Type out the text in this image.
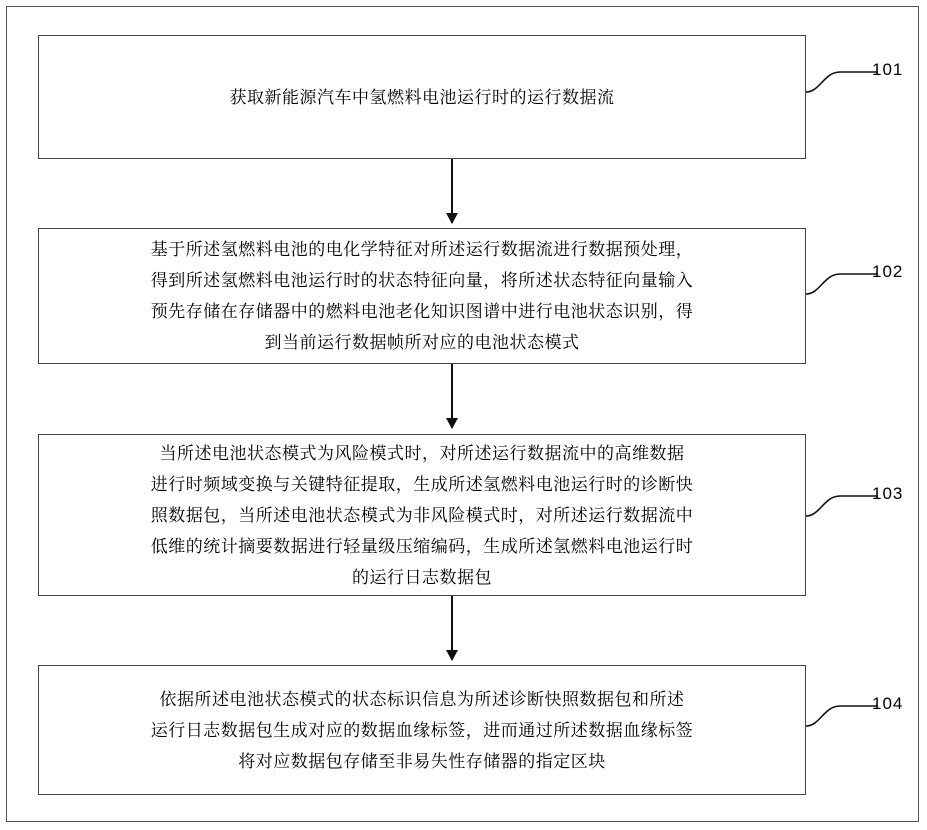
获取新能源汽车中氢燃料电池运行时的运行数据流
101
基于所述氢燃料电池的电化学特征对所述运行数据流进行数据预处理，
得到所述氢燃料电池运行时的状态特征向量，将所述状态特征向量输入
预先存储在存储器中的燃料电池老化知识图谱中进行电池状态识别，得
到当前运行数据帧所对应的电池状态模式
102
当所述电池状态模式为风险模式时，对所述运行数据流中的高维数据
进行时频域变换与关键特征提取，生成所述氢燃料电池运行时的诊断快
照数据包，当所述电池状态模式为非风险模式时，对所述运行数据流中
低维的统计摘要数据进行轻量级压缩编码，生成所述氢燃料电池运行时
的运行日志数据包
103
依据所述电池状态模式的状态标识信息为所述诊断快照数据包和所述
运行日志数据包生成对应的数据血缘标签，进而通过所述数据血缘标签
将对应数据包存储至非易失性存储器的指定区块
104
